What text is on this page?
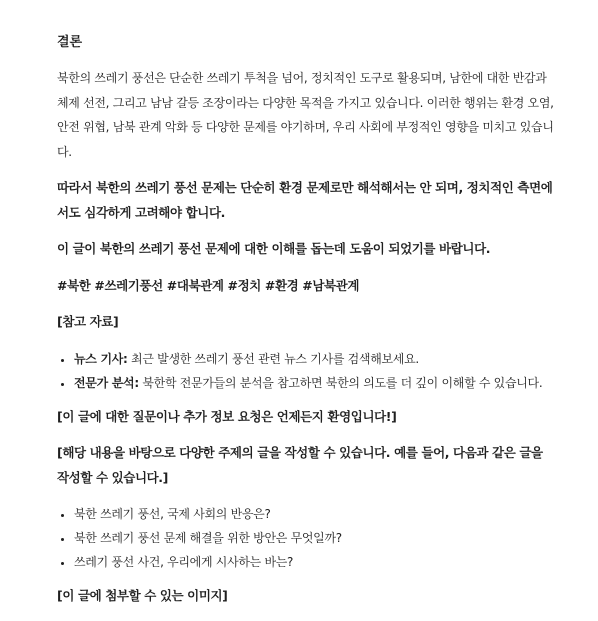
결론

북한의 쓰레기 풍선은 단순한 쓰레기 투척을 넘어, 정치적인 도구로 활용되며, 남한에 대한 반감과 체제 선전, 그리고 남남 갈등 조장이라는 다양한 목적을 가지고 있습니다. 이러한 행위는 환경 오염, 안전 위협, 남북 관계 악화 등 다양한 문제를 야기하며, 우리 사회에 부정적인 영향을 미치고 있습니다.

따라서 북한의 쓰레기 풍선 문제는 단순히 환경 문제로만 해석해서는 안 되며, 정치적인 측면에서도 심각하게 고려해야 합니다.

이 글이 북한의 쓰레기 풍선 문제에 대한 이해를 돕는데 도움이 되었기를 바랍니다.

#북한 #쓰레기풍선 #대북관계 #정치 #환경 #남북관계

[참고 자료]

• 뉴스 기사: 최근 발생한 쓰레기 풍선 관련 뉴스 기사를 검색해보세요.
• 전문가 분석: 북한학 전문가들의 분석을 참고하면 북한의 의도를 더 깊이 이해할 수 있습니다.

[이 글에 대한 질문이나 추가 정보 요청은 언제든지 환영입니다!]

[해당 내용을 바탕으로 다양한 주제의 글을 작성할 수 있습니다. 예를 들어, 다음과 같은 글을 작성할 수 있습니다.]

• 북한 쓰레기 풍선, 국제 사회의 반응은?
• 북한 쓰레기 풍선 문제 해결을 위한 방안은 무엇일까?
• 쓰레기 풍선 사건, 우리에게 시사하는 바는?

[이 글에 첨부할 수 있는 이미지]
